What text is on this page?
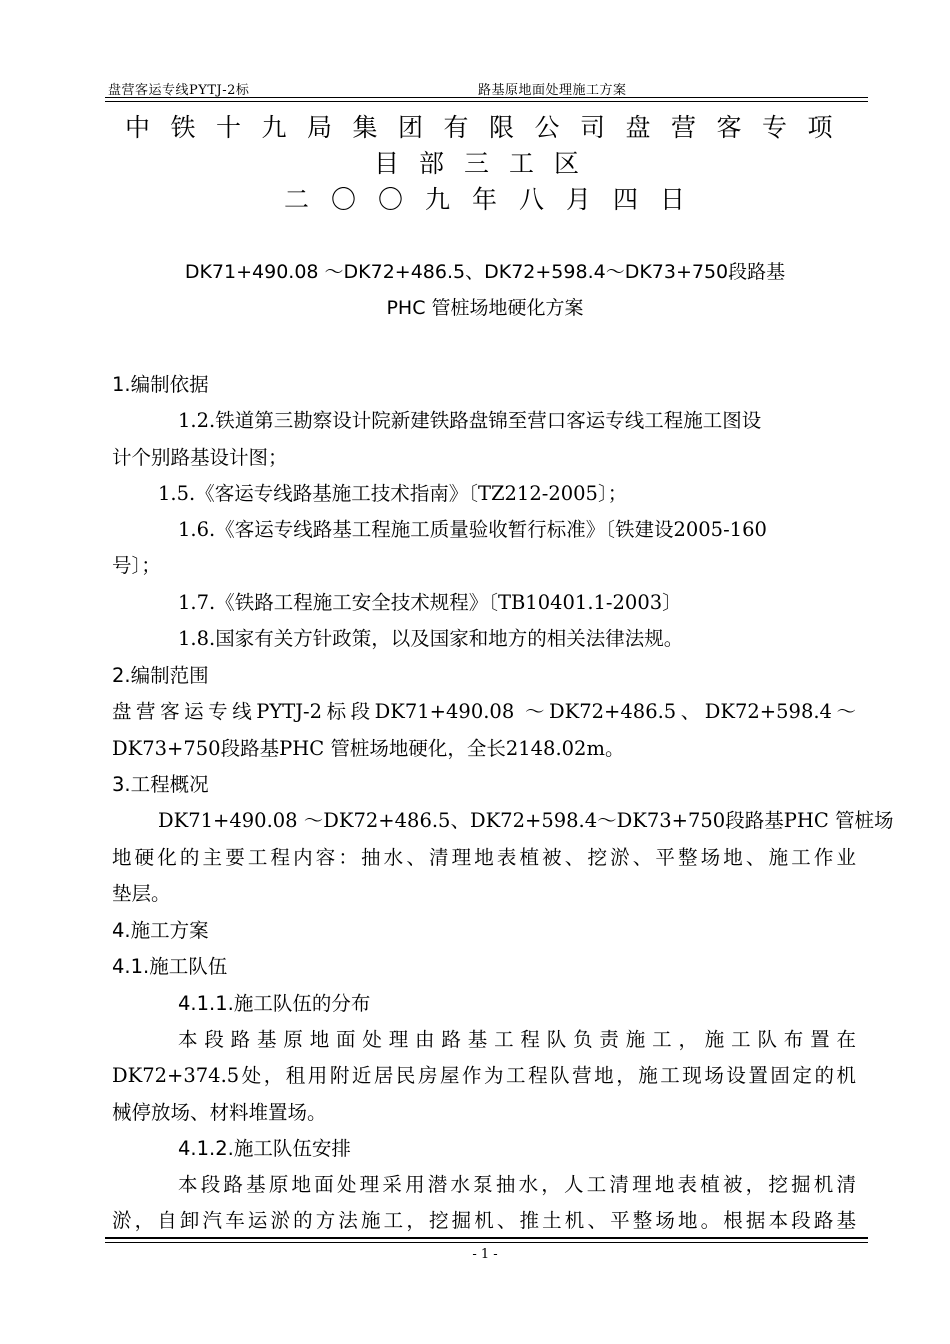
盘营客运专线PYTJ-2标	路基原地面处理施工方案
中铁十九局集团有限公司盘营客专项
目部三工区
二〇〇九年八月四日
DK71+490.08 ～DK72+486.5、DK72+598.4～DK73+750段路基
PHC 管桩场地硬化方案
1.编制依据
1.2.铁道第三勘察设计院新建铁路盘锦至营口客运专线工程施工图设
计个别路基设计图；
1.5.《客运专线路基施工技术指南》〔TZ212-2005〕；
1.6.《客运专线路基工程施工质量验收暂行标准》〔铁建设2005-160
号〕；
1.7.《铁路工程施工安全技术规程》〔TB10401.1-2003〕
1.8.国家有关方针政策，以及国家和地方的相关法律法规。
2.编制范围
盘营客运专线PYTJ-2标段DK71+490.08 ～DK72+486.5、DK72+598.4～
DK73+750段路基PHC 管桩场地硬化，全长2148.02m。
3.工程概况
DK71+490.08 ～DK72+486.5、DK72+598.4～DK73+750段路基PHC 管桩场
地硬化的主要工程内容：抽水、清理地表植被、挖淤、平整场地、施工作业
垫层。
4.施工方案
4.1.施工队伍
4.1.1.施工队伍的分布
本段路基原地面处理由路基工程队负责施工，施工队布置在
DK72+374.5处，租用附近居民房屋作为工程队营地，施工现场设置固定的机
械停放场、材料堆置场。
4.1.2.施工队伍安排
本段路基原地面处理采用潜水泵抽水，人工清理地表植被，挖掘机清
淤，自卸汽车运淤的方法施工，挖掘机、推土机、平整场地。根据本段路基
- 1 -
